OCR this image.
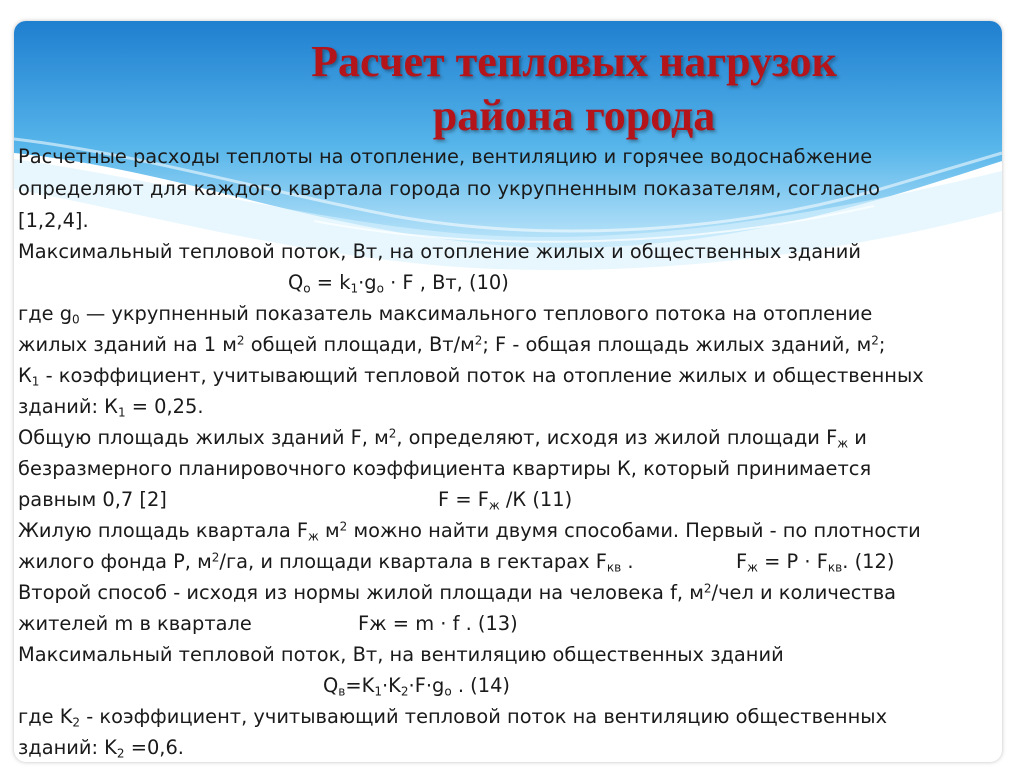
Расчет тепловых нагрузок
района города
Расчетные расходы теплоты на отопление, вентиляцию и горячее водоснабжение
определяют для каждого квартала города по укрупненным показателям, согласно
[1,2,4].
Максимальный тепловой поток, Вт, на отопление жилых и общественных зданий
$Q_o = k_1\cdot g_o \cdot F$ , Вт, (10)
где $g_0$ — укрупненный показатель максимального теплового потока на отопление
жилых зданий на 1 $м^2$ общей площади, $Вт/м^2$; F - общая площадь жилых зданий, $м^2$;
$К_1$ - коэффициент, учитывающий тепловой поток на отопление жилых и общественных
зданий: $К_1 = 0,25$.
Общую площадь жилых зданий F, $м^2$, определяют, исходя из жилой площади $F_ж$ и
безразмерного планировочного коэффициента квартиры К, который принимается
равным 0,7 [2]	$F = F_ж$ /К (11)
Жилую площадь квартала $F_ж$ $м^2$ можно найти двумя способами. Первый - по плотности
жилого фонда Р, $м^2/га$, и площади квартала в гектарах $F_{кв}$ .	$F_ж = Р \cdot F_{кв}$. (12)
Второй способ - исходя из нормы жилой площади на человека f, $м^2$/чел и количества
жителей m в квартале	Fж = m · f . (13)
Максимальный тепловой поток, Вт, на вентиляцию общественных зданий
$Q_в=K_1\cdot K_2\cdot F\cdot g_o$ . (14)
где $K_2$ - коэффициент, учитывающий тепловой поток на вентиляцию общественных
зданий: $K_2 =0,6$.
